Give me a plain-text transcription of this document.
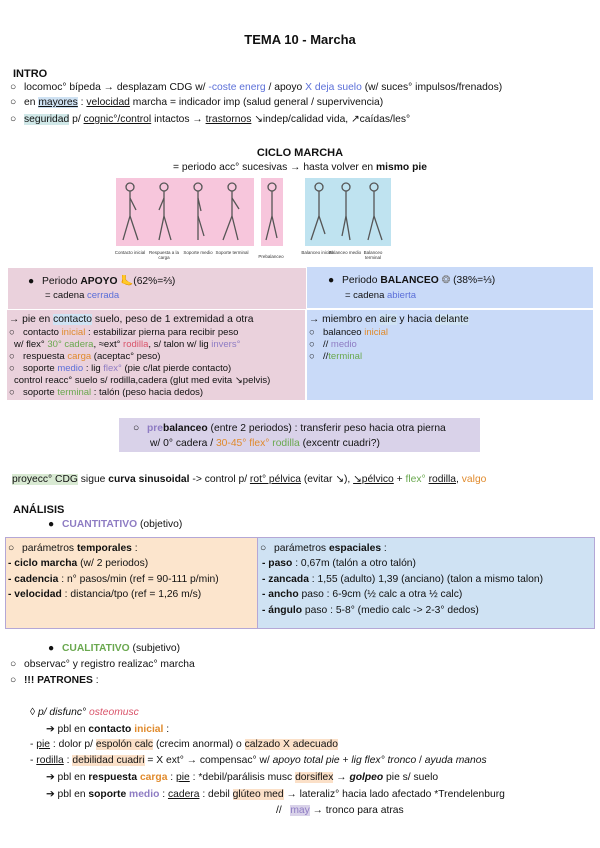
TEMA 10 - Marcha
INTRO
○ locomoc° bípeda → desplazam CDG w/ -coste energ / apoyo X deja suelo (w/ suces° impulsos/frenados)
○ en mayores : velocidad marcha = indicador imp (salud general / supervivencia)
○ seguridad p/ cognic°/control intactos → trastornos ↘indep/calidad vida, ↗caídas/les°
CICLO MARCHA
= periodo acc° sucesivas → hasta volver en mismo pie
Contacto inicial Respuesta a la carga
Soporte medio Soporte terminal
Prebalanceo
Balanceo inicial
Balanceo medio Balanceo terminal
● Periodo APOYO 🦶(62%=⅔)
= cadena cerrada
● Periodo BALANCEO ❂ (38%=⅓)
= cadena abierta
→ pie en contacto suelo, peso de 1 extremidad a otra
○ contacto inicial : estabilizar pierna para recibir peso
w/ flex° 30° cadera, ≈ext° rodilla, s/ talon w/ lig invers°
○ respuesta carga (aceptac° peso)
○ soporte medio : lig flex° (pie c/lat pierde contacto)
control reacc° suelo s/ rodilla,cadera (glut med evita ↘pelvis)
○ soporte terminal : talón (peso hacia dedos)
→ miembro en aire y hacia delante
○ balanceo inicial
○ // medio
○ //terminal
○ prebalanceo (entre 2 periodos) : transferir peso hacia otra pierna
w/ 0° cadera / 30-45° flex° rodilla (excentr cuadri?)
proyecc° CDG sigue curva sinusoidal -> control p/ rot° pélvica (evitar ↘), ↘pélvico + flex° rodilla, valgo
ANÁLISIS
● CUANTITATIVO (objetivo)
○ parámetros temporales :
- ciclo marcha (w/ 2 periodos)
- cadencia : n° pasos/min (ref = 90-111 p/min)
- velocidad : distancia/tpo (ref = 1,26 m/s)
○ parámetros espaciales :
- paso : 0,67m (talón a otro talón)
- zancada : 1,55 (adulto) 1,39 (anciano) (talon a mismo talon)
- ancho paso : 6-9cm (½ calc a otra ½ calc)
- ángulo paso : 5-8° (medio calc -> 2-3° dedos)
● CUALITATIVO (subjetivo)
○ observac° y registro realizac° marcha
○ !!! PATRONES :
◊ p/ disfunc° osteomusc
➔ pbl en contacto inicial :
- pie : dolor p/ espolón calc (crecim anormal) o calzado X adecuado
- rodilla : debilidad cuadri = X ext° → compensac° w/ apoyo total pie + lig flex° tronco / ayuda manos
➔ pbl en respuesta carga : pie : *debil/parálisis musc dorsiflex → golpeo pie s/ suelo
➔ pbl en soporte medio : cadera : debil glúteo med → lateraliz° hacia lado afectado *Trendelenburg
// may → tronco para atras
